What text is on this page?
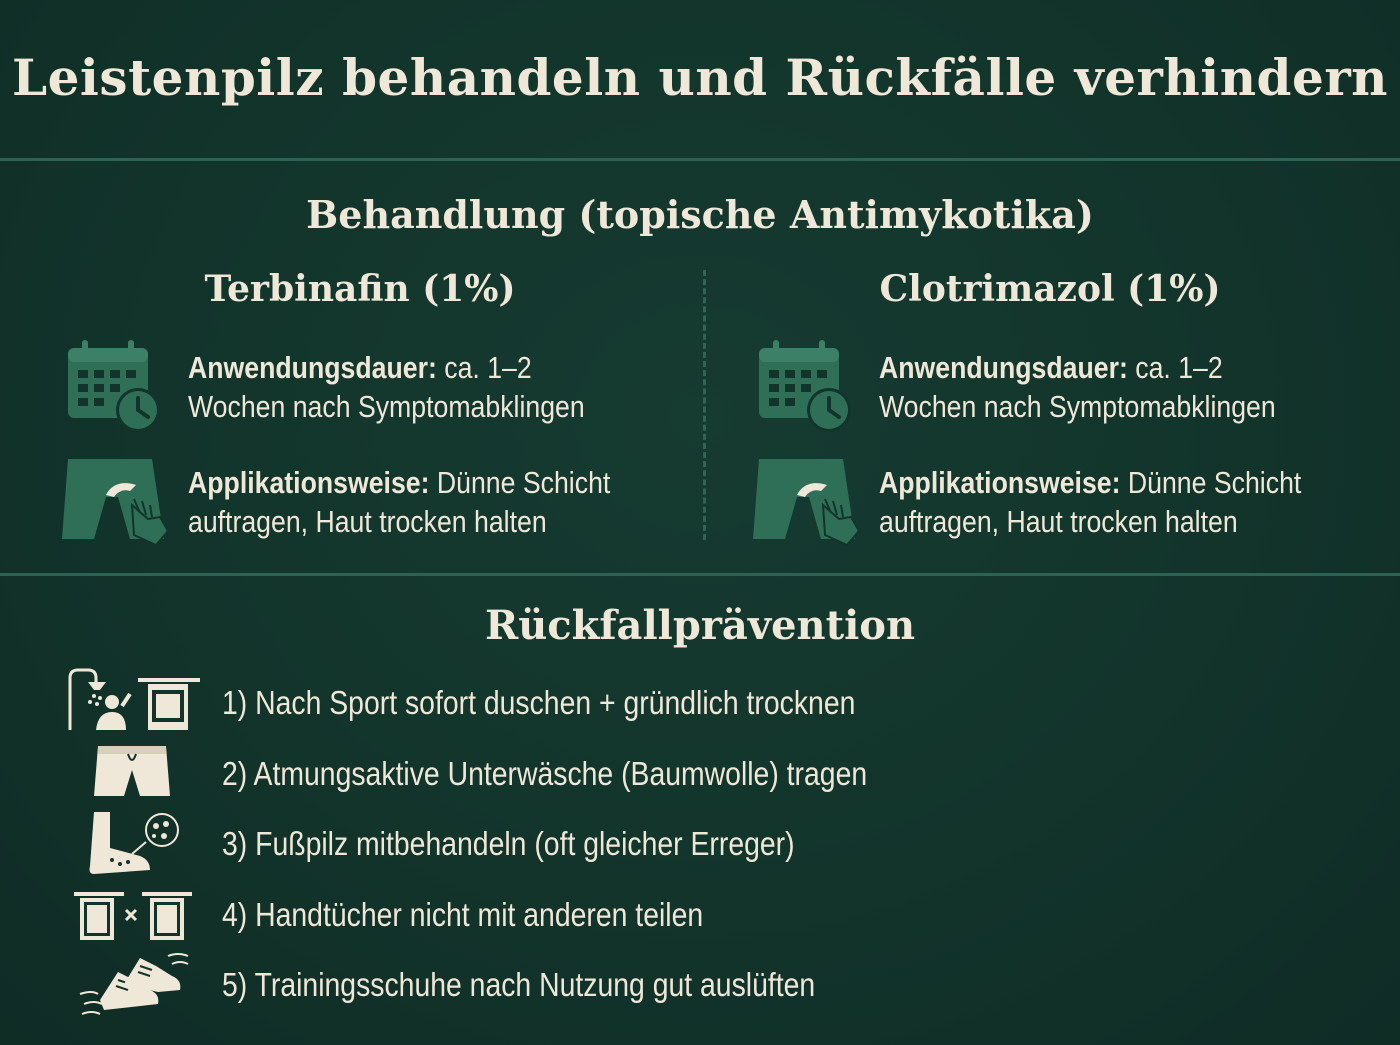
Leistenpilz behandeln und Rückfälle verhindern
Behandlung (topische Antimykotika)
Terbinafin (1%)
Anwendungsdauer: ca. 1–2
Wochen nach Symptomabklingen
Applikationsweise: Dünne Schicht
auftragen, Haut trocken halten
Clotrimazol (1%)
Anwendungsdauer: ca. 1–2
Wochen nach Symptomabklingen
Applikationsweise: Dünne Schicht
auftragen, Haut trocken halten
Rückfallprävention
1) Nach Sport sofort duschen + gründlich trocknen
2) Atmungsaktive Unterwäsche (Baumwolle) tragen
3) Fußpilz mitbehandeln (oft gleicher Erreger)
4) Handtücher nicht mit anderen teilen
5) Trainingsschuhe nach Nutzung gut auslüften
